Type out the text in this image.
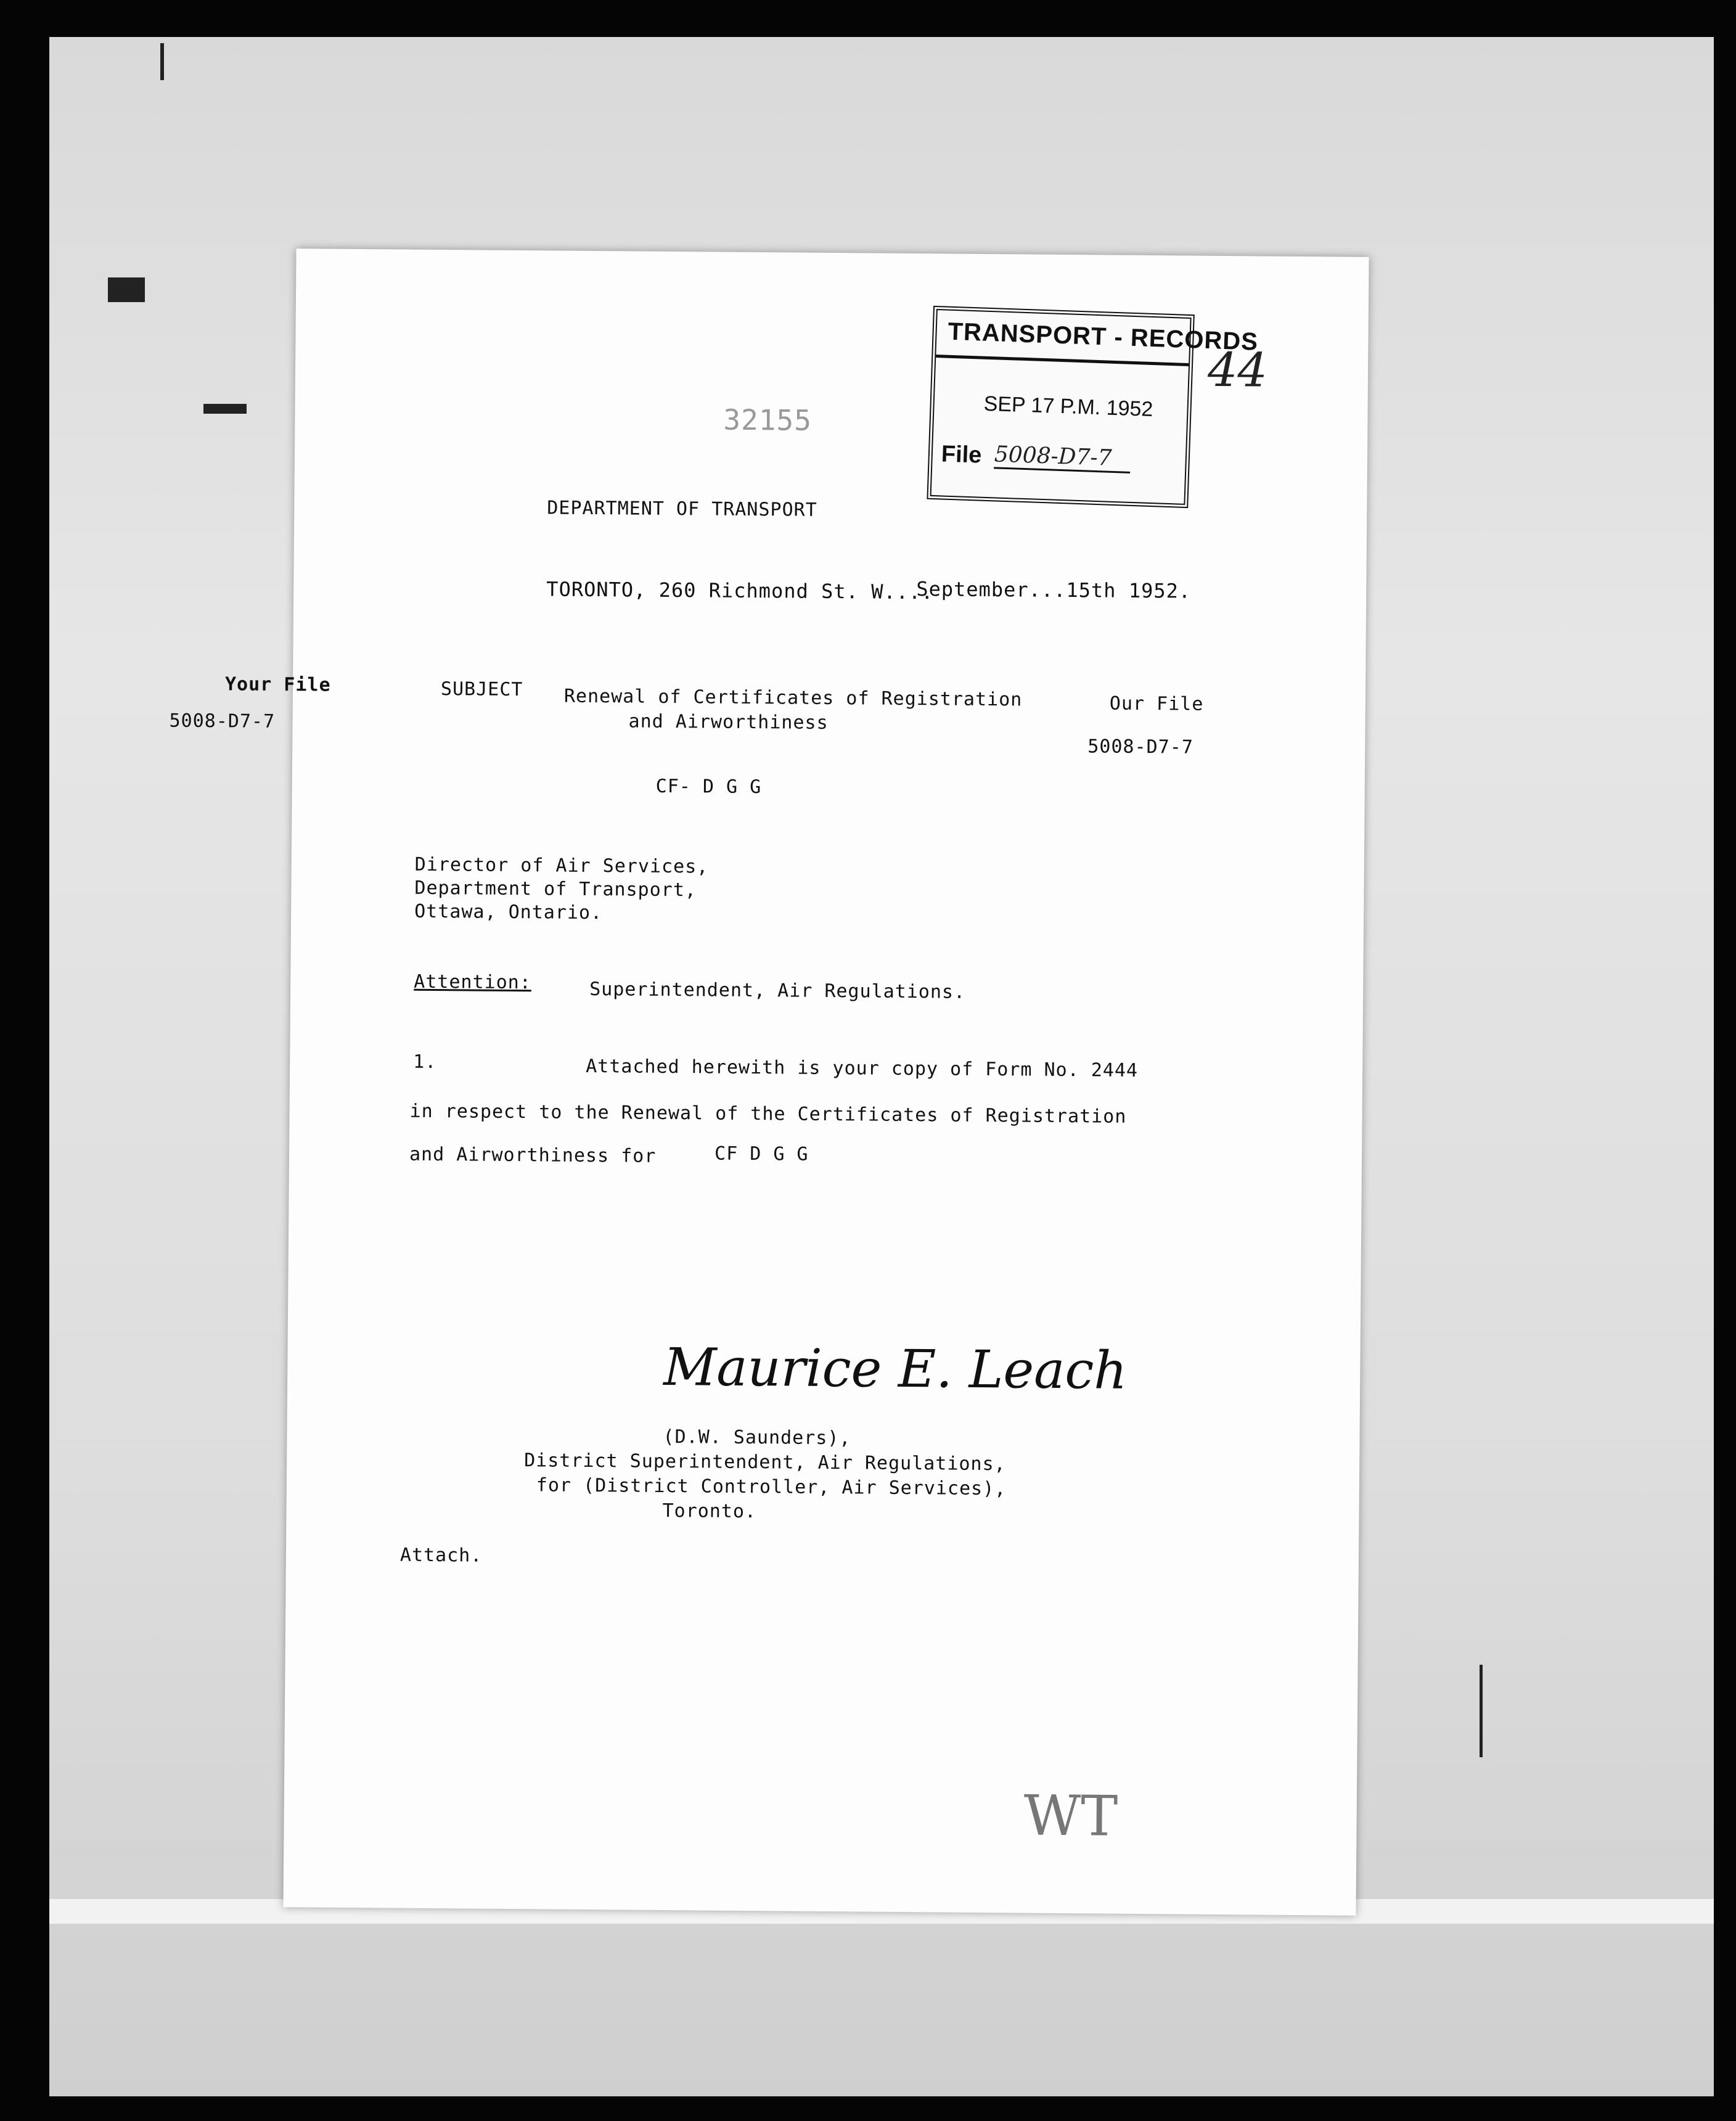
TRANSPORT - RECORDS
SEP 17 P.M. 1952
File 5008-D7-7
44
32155
DEPARTMENT OF TRANSPORT
TORONTO, 260 Richmond St. W....
September...15th 1952.
Your File
5008-D7-7
SUBJECT Renewal of Certificates of Registration
and Airworthiness
Our File
5008-D7-7
CF- D G G
Director of Air Services,
Department of Transport,
Ottawa, Ontario.
Attention:	Superintendent, Air Regulations.
1.	Attached herewith is your copy of Form No. 2444
in respect to the Renewal of the Certificates of Registration
and Airworthiness for	CF D G G
Maurice E. Leach
(D.W. Saunders),
District Superintendent, Air Regulations,
for (District Controller, Air Services),
Toronto.
Attach.
WT
